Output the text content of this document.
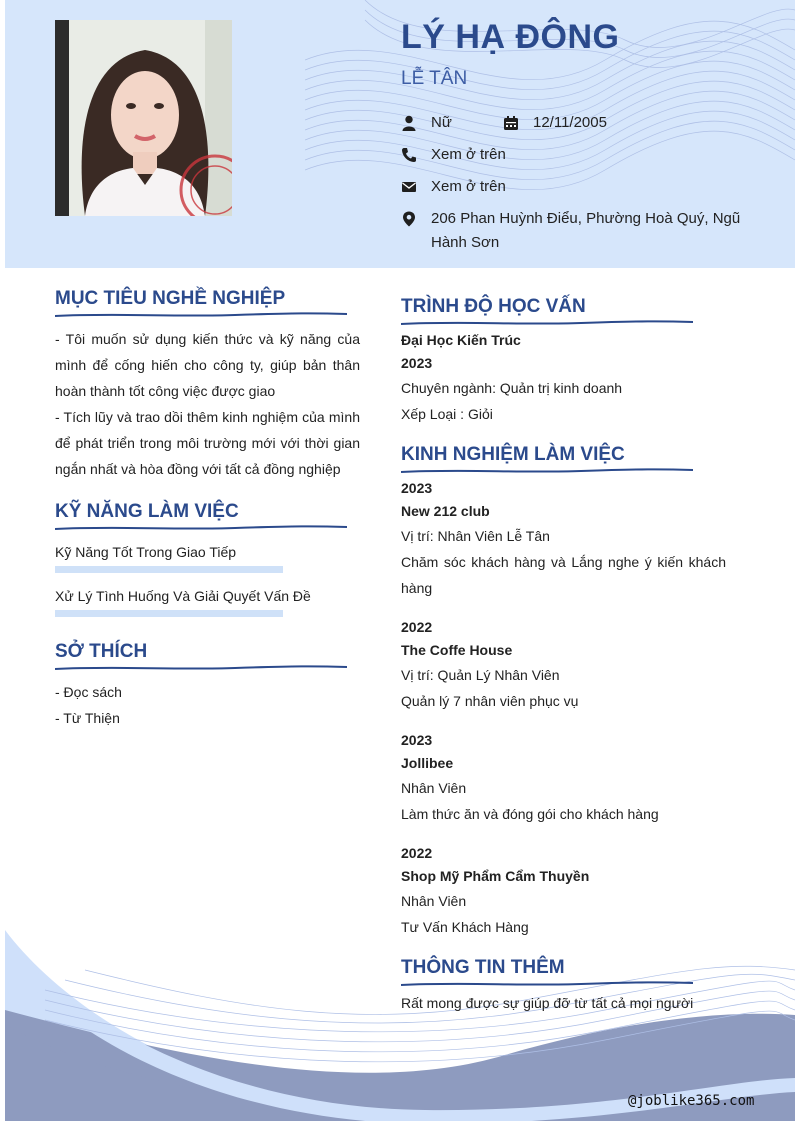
LÝ HẠ ĐÔNG
LỄ TÂN
Nữ	12/11/2005
Xem ở trên
Xem ở trên
206 Phan Huỳnh Điểu, Phường Hoà Quý, Ngũ
Hành Sơn
MỤC TIÊU NGHỀ NGHIỆP
- Tôi muốn sử dụng kiến thức và kỹ năng của
mình để cống hiến cho công ty, giúp bản thân
hoàn thành tốt công việc được giao
- Tích lũy và trao dồi thêm kinh nghiệm của mình
để phát triển trong môi trường mới với thời gian
ngắn nhất và hòa đồng với tất cả đồng nghiệp
KỸ NĂNG LÀM VIỆC
Kỹ Năng Tốt Trong Giao Tiếp
Xử Lý Tình Huống Và Giải Quyết Vấn Đề
SỞ THÍCH
- Đọc sách
- Từ Thiện
TRÌNH ĐỘ HỌC VẤN
Đại Học Kiến Trúc
2023
Chuyên ngành: Quản trị kinh doanh
Xếp Loại : Giỏi
KINH NGHIỆM LÀM VIỆC
2023
New 212 club
Vị trí: Nhân Viên Lễ Tân
Chăm sóc khách hàng và Lắng nghe ý kiến khách
hàng
2022
The Coffe House
Vị trí: Quản Lý Nhân Viên
Quản lý 7 nhân viên phục vụ
2023
Jollibee
Nhân Viên
Làm thức ăn và đóng gói cho khách hàng
2022
Shop Mỹ Phẩm Cẩm Thuyền
Nhân Viên
Tư Vấn Khách Hàng
THÔNG TIN THÊM
Rất mong được sự giúp đỡ từ tất cả mọi người
@joblike365.com
